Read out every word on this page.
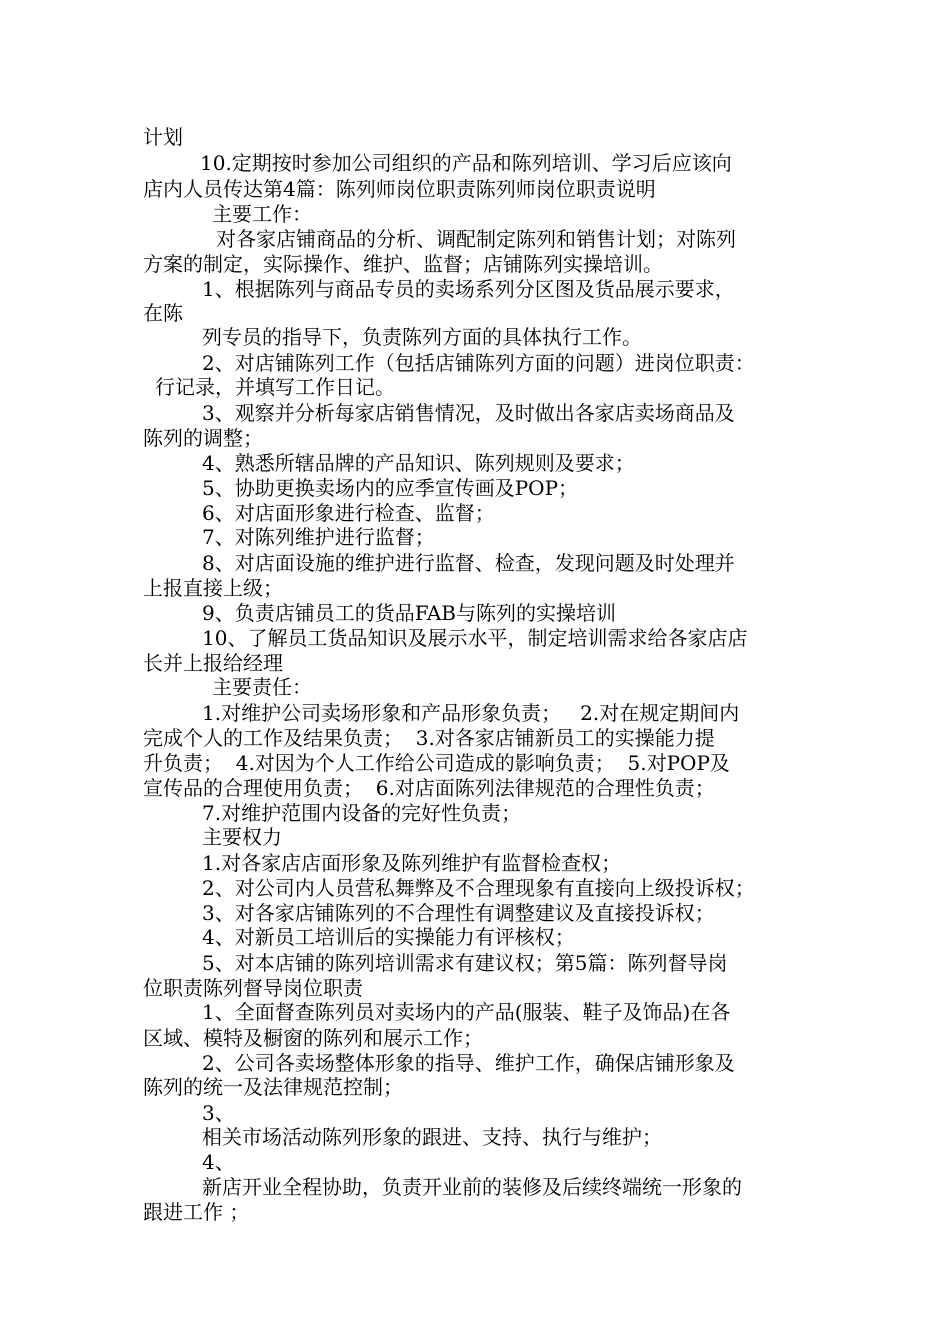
计划
10.定期按时参加公司组织的产品和陈列培训、学习后应该向
店内人员传达第4篇：陈列师岗位职责陈列师岗位职责说明
主要工作：
对各家店铺商品的分析、调配制定陈列和销售计划；对陈列
方案的制定，实际操作、维护、监督；店铺陈列实操培训。
1、根据陈列与商品专员的卖场系列分区图及货品展示要求，
在陈
列专员的指导下，负责陈列方面的具体执行工作。
2、对店铺陈列工作（包括店铺陈列方面的问题）进岗位职责：
行记录，并填写工作日记。
3、观察并分析每家店销售情况，及时做出各家店卖场商品及
陈列的调整；
4、熟悉所辖品牌的产品知识、陈列规则及要求；
5、协助更换卖场内的应季宣传画及POP；
6、对店面形象进行检查、监督；
7、对陈列维护进行监督；
8、对店面设施的维护进行监督、检查，发现问题及时处理并
上报直接上级；
9、负责店铺员工的货品FAB与陈列的实操培训
10、了解员工货品知识及展示水平，制定培训需求给各家店店
长并上报给经理
主要责任：
1.对维护公司卖场形象和产品形象负责；   2.对在规定期间内
完成个人的工作及结果负责；  3.对各家店铺新员工的实操能力提
升负责；  4.对因为个人工作给公司造成的影响负责；  5.对POP及
宣传品的合理使用负责；  6.对店面陈列法律规范的合理性负责；
7.对维护范围内设备的完好性负责；
主要权力
1.对各家店店面形象及陈列维护有监督检查权；
2、对公司内人员营私舞弊及不合理现象有直接向上级投诉权；
3、对各家店铺陈列的不合理性有调整建议及直接投诉权；
4、对新员工培训后的实操能力有评核权；
5、对本店铺的陈列培训需求有建议权；第5篇：陈列督导岗
位职责陈列督导岗位职责
1、全面督查陈列员对卖场内的产品(服装、鞋子及饰品)在各
区域、模特及橱窗的陈列和展示工作；
2、公司各卖场整体形象的指导、维护工作，确保店铺形象及
陈列的统一及法律规范控制；
3、
相关市场活动陈列形象的跟进、支持、执行与维护；
4、
新店开业全程协助，负责开业前的装修及后续终端统一形象的
跟进工作 ；
